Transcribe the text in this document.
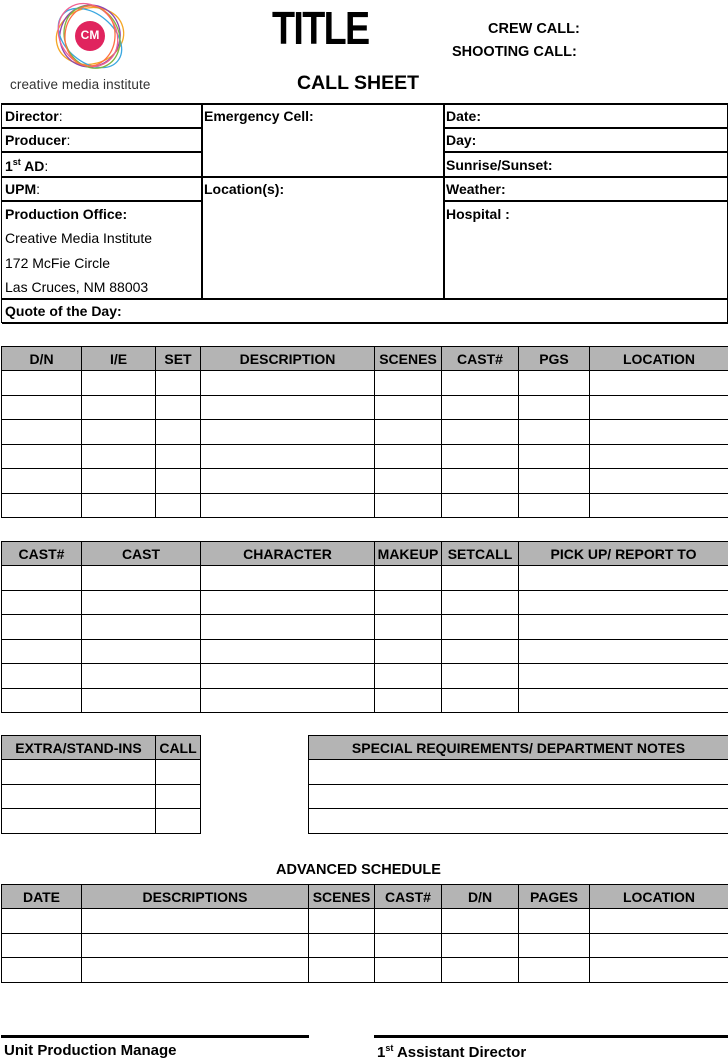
CM
creative media institute
TITLE	CREW CALL:
SHOOTING CALL:
CALL SHEET
Director:
Producer:
1st AD:
UPM:
Production Office:
Creative Media Institute
172 McFie Circle
Las Cruces, NM 88003
Emergency Cell:
Location(s):
Date:
Day:
Sunrise/Sunset:
Weather:
Hospital :
Quote of the Day:
D/N	I/E	SET	DESCRIPTION	SCENES	CAST#	PGS	LOCATION

CAST#	CAST	CHARACTER	MAKEUP	SETCALL	PICK UP/ REPORT TO

EXTRA/STAND-INS	CALL

		SPECIAL REQUIREMENTS/ DEPARTMENT NOTES

ADVANCED SCHEDULE
DATE	DESCRIPTIONS	SCENES	CAST#	D/N	PAGES	LOCATION

Unit Production Manage	1st Assistant Director
